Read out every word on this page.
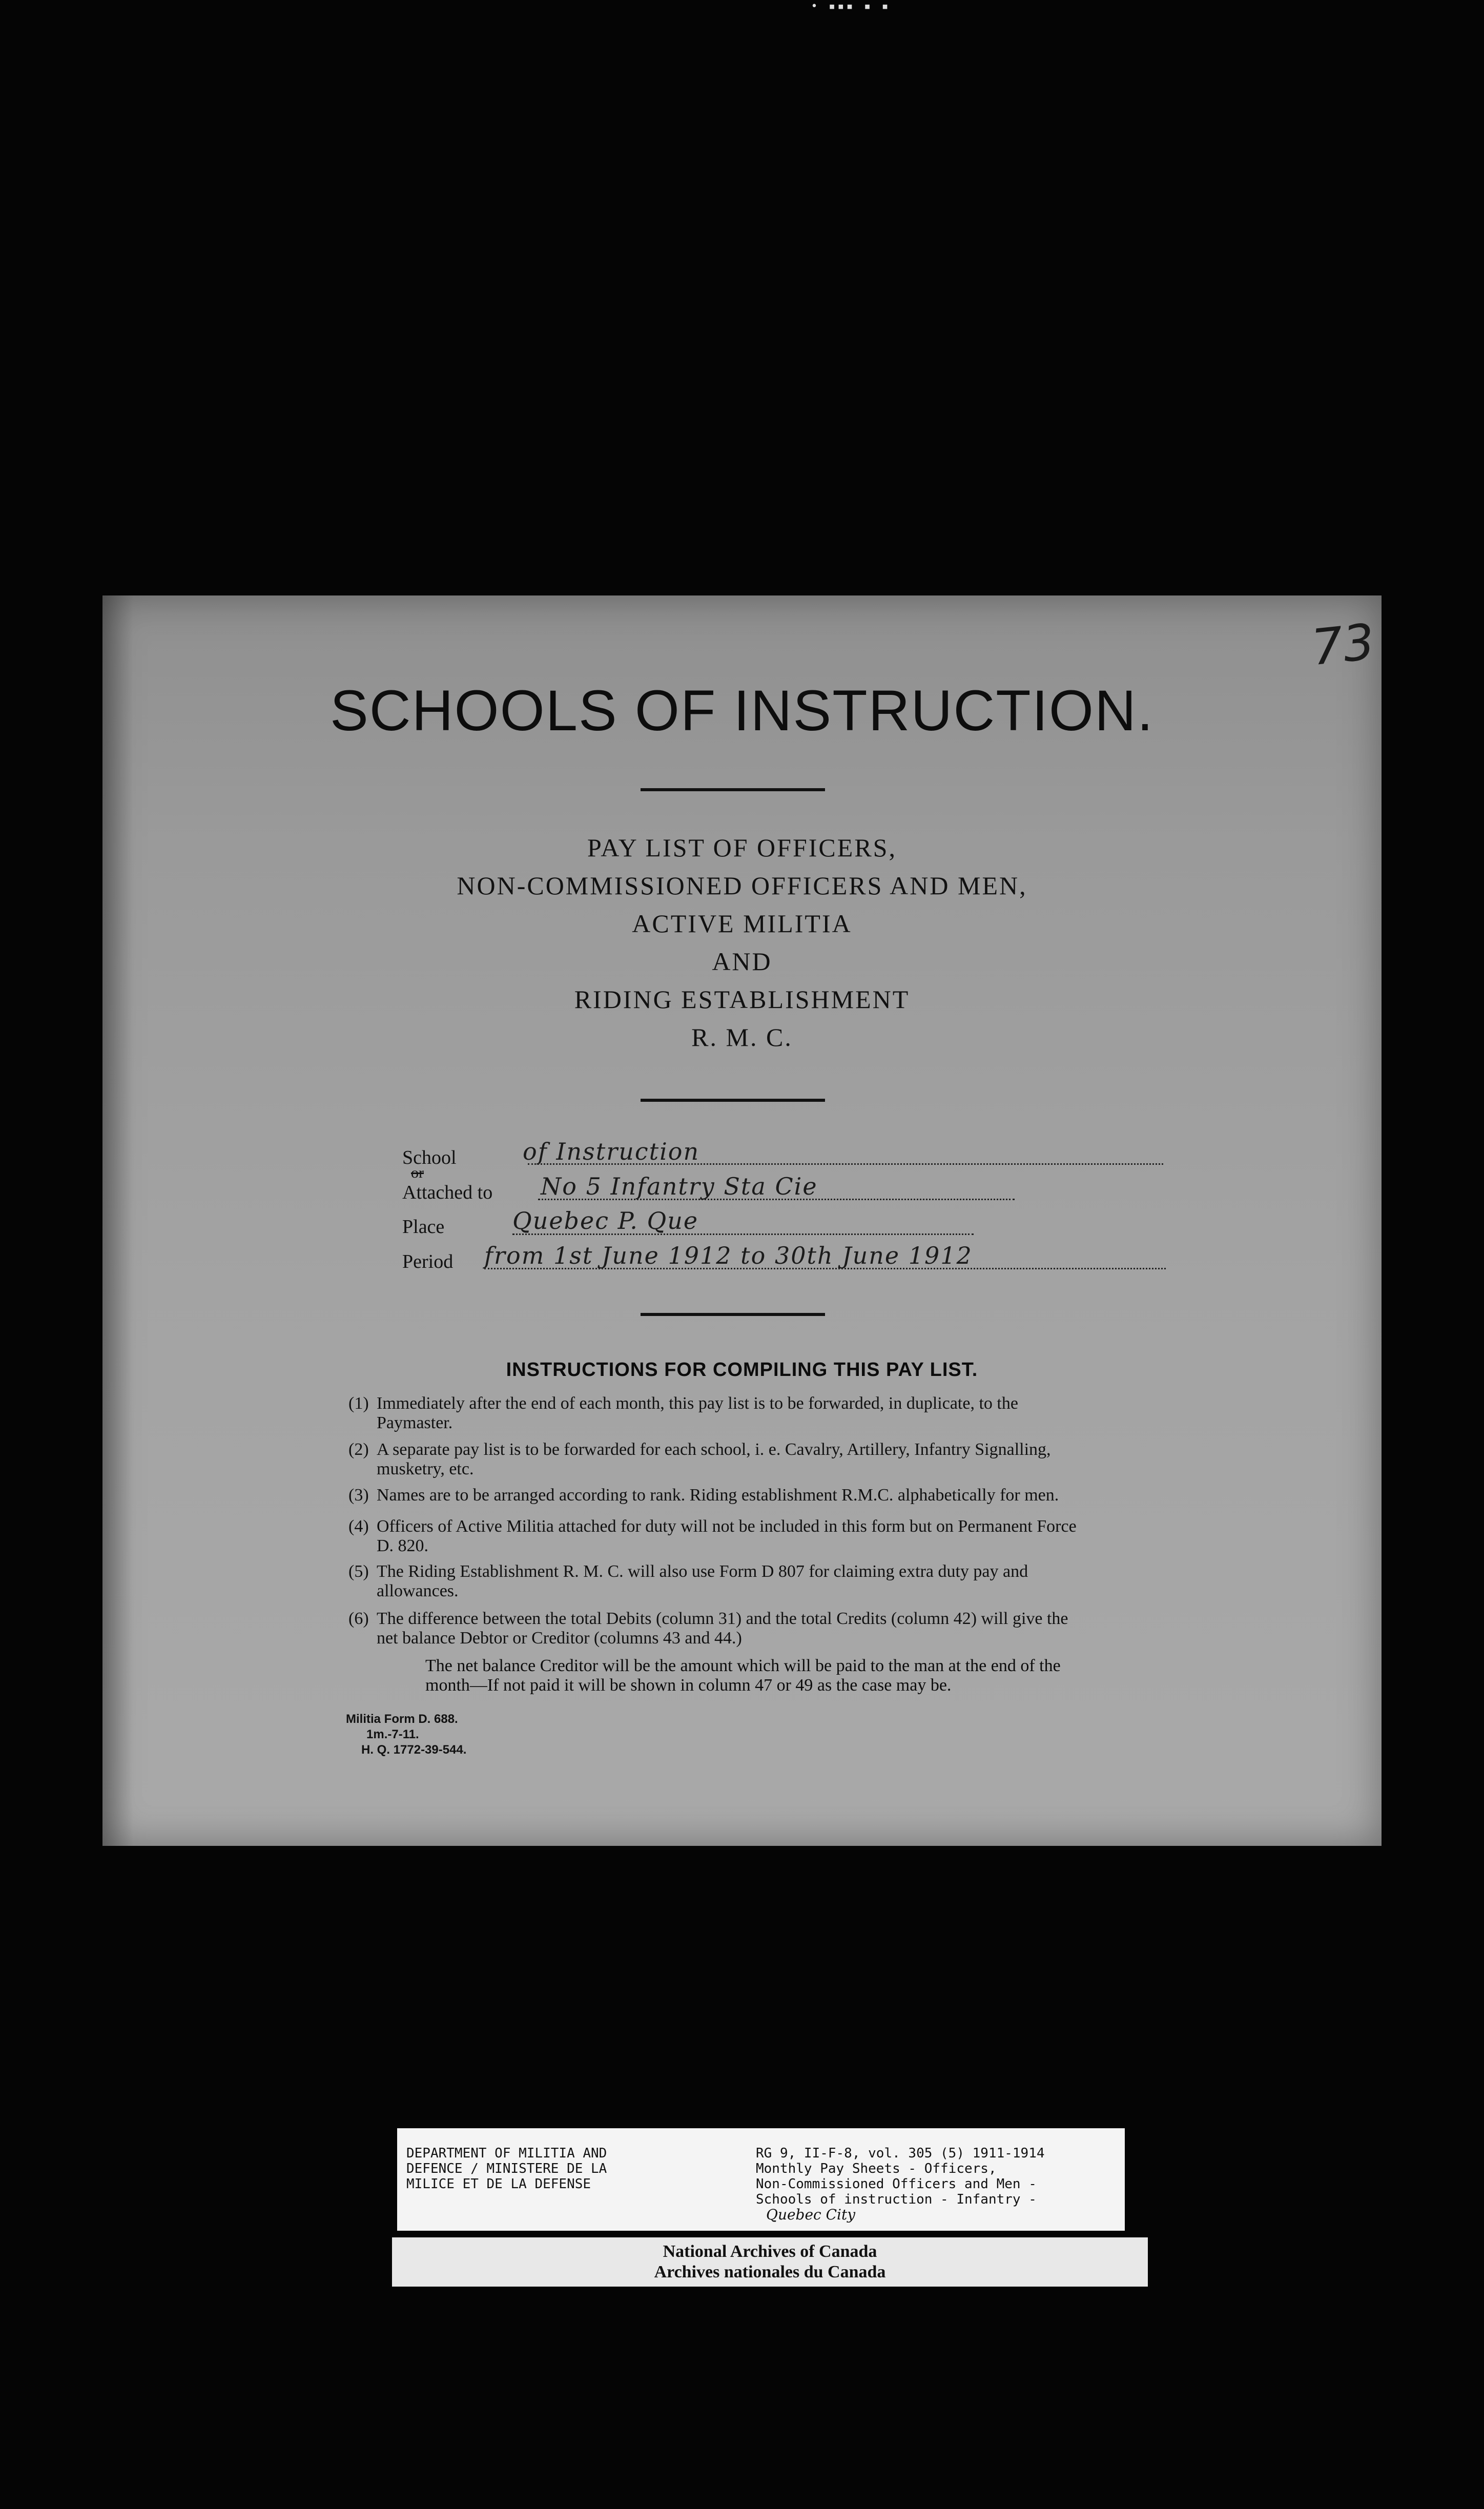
• ▪▪▪ ▪ ▪
73
SCHOOLS OF INSTRUCTION.
PAY LIST OF OFFICERS,
NON-COMMISSIONED OFFICERS AND MEN,
ACTIVE MILITIA
AND
RIDING ESTABLISHMENT
R. M. C.
School	of Instruction
or
Attached to No 5 Infantry Sta Cie
Place	Quebec P. Que
Period from 1st June 1912 to 30th June 1912
INSTRUCTIONS FOR COMPILING THIS PAY LIST.
(1) Immediately after the end of each month, this pay list is to be forwarded, in duplicate, to the
Paymaster.
(2) A separate pay list is to be forwarded for each school, i. e. Cavalry, Artillery, Infantry Signalling,
musketry, etc.
(3) Names are to be arranged according to rank. Riding establishment R.M.C. alphabetically for men.
(4) Officers of Active Militia attached for duty will not be included in this form but on Permanent Force
D. 820.
(5) The Riding Establishment R. M. C. will also use Form D 807 for claiming extra duty pay and
allowances.
(6) The difference between the total Debits (column 31) and the total Credits (column 42) will give the
net balance Debtor or Creditor (columns 43 and 44.)
The net balance Creditor will be the amount which will be paid to the man at the end of the
month—If not paid it will be shown in column 47 or 49 as the case may be.
Militia Form D. 688.
1m.-7-11.
H. Q. 1772-39-544.
DEPARTMENT OF MILITIA AND
DEFENCE / MINISTERE DE LA
MILICE ET DE LA DEFENSE
RG 9, II-F-8, vol. 305 (5) 1911-1914
Monthly Pay Sheets - Officers,
Non-Commissioned Officers and Men -
Schools of instruction - Infantry -
Quebec City
National Archives of Canada
Archives nationales du Canada
